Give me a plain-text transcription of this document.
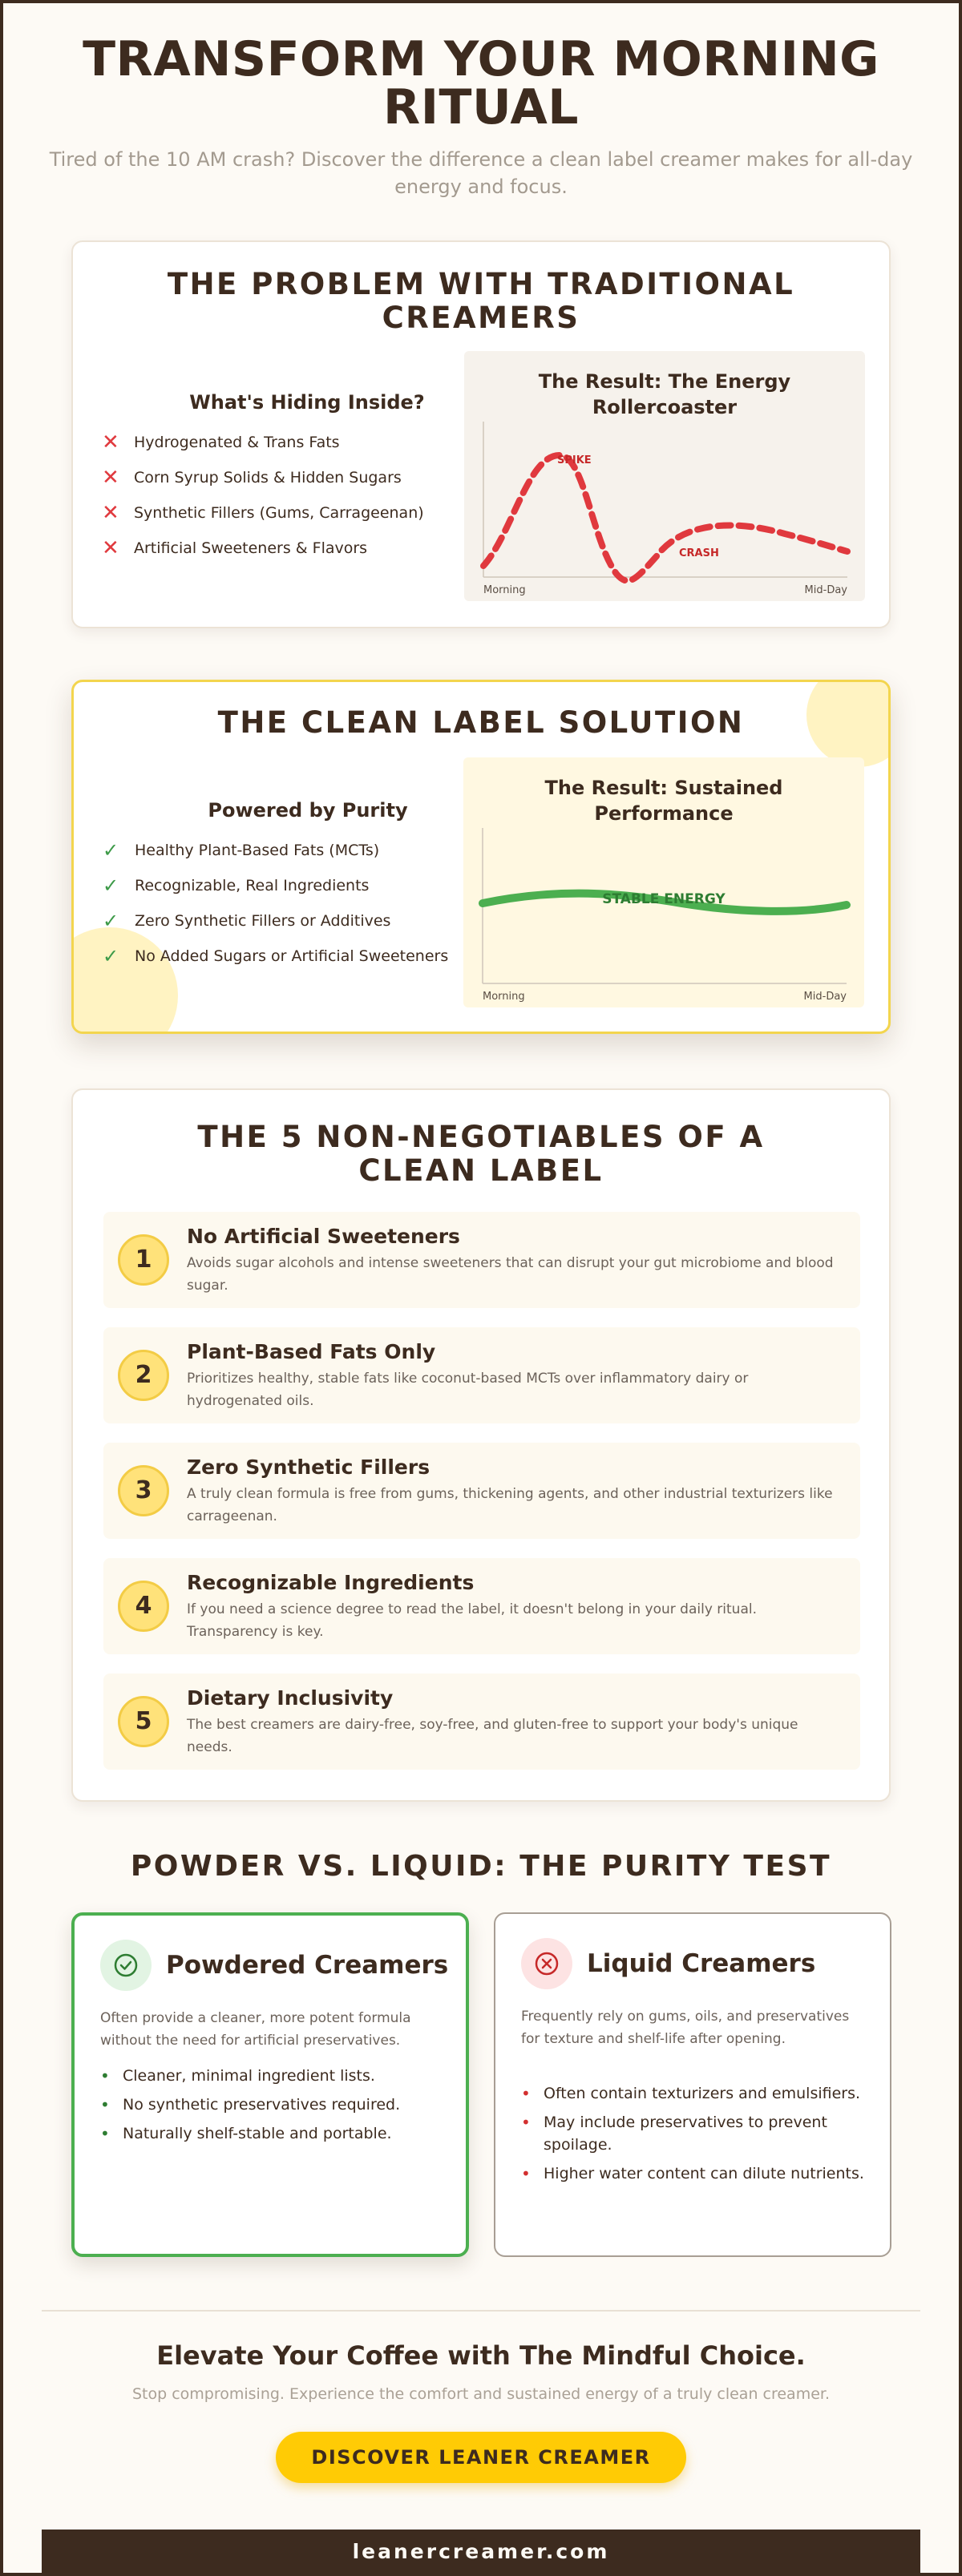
TRANSFORM YOUR MORNING RITUAL

Tired of the 10 AM crash? Discover the difference a clean label creamer makes for all-day energy and focus.

THE PROBLEM WITH TRADITIONAL CREAMERS
What's Hiding Inside?
✕ Hydrogenated & Trans Fats
✕ Corn Syrup Solids & Hidden Sugars
✕ Synthetic Fillers (Gums, Carrageenan)
✕ Artificial Sweeteners & Flavors
The Result: The Energy Rollercoaster
SPIKE
CRASH
Morning	Mid-Day
THE CLEAN LABEL SOLUTION
Powered by Purity
✓	Healthy Plant-Based Fats (MCTs)
✓	Recognizable, Real Ingredients
✓	Zero Synthetic Fillers or Additives
✓	No Added Sugars or Artificial Sweeteners
The Result: Sustained Performance
STABLE ENERGY
Morning	Mid-Day
THE 5 NON-NEGOTIABLES OF A CLEAN LABEL
1
No Artificial Sweeteners
Avoids sugar alcohols and intense sweeteners that can disrupt your gut microbiome and blood sugar.
2
Plant-Based Fats Only
Prioritizes healthy, stable fats like coconut-based MCTs over inflammatory dairy or hydrogenated oils.
3
Zero Synthetic Fillers
A truly clean formula is free from gums, thickening agents, and other industrial texturizers like carrageenan.
4
Recognizable Ingredients
If you need a science degree to read the label, it doesn't belong in your daily ritual. Transparency is key.
5
Dietary Inclusivity
The best creamers are dairy-free, soy-free, and gluten-free to support your body's unique needs.
POWDER VS. LIQUID: THE PURITY TEST
Powdered Creamers
Often provide a cleaner, more potent formula without the need for artificial preservatives.
• Cleaner, minimal ingredient lists.
• No synthetic preservatives required.
• Naturally shelf-stable and portable.
Liquid Creamers
Frequently rely on gums, oils, and preservatives for texture and shelf-life after opening.
• Often contain texturizers and emulsifiers.
• May include preservatives to prevent spoilage.
• Higher water content can dilute nutrients.
Elevate Your Coffee with The Mindful Choice.
Stop compromising. Experience the comfort and sustained energy of a truly clean creamer.
DISCOVER LEANER CREAMER
leanercreamer.com
